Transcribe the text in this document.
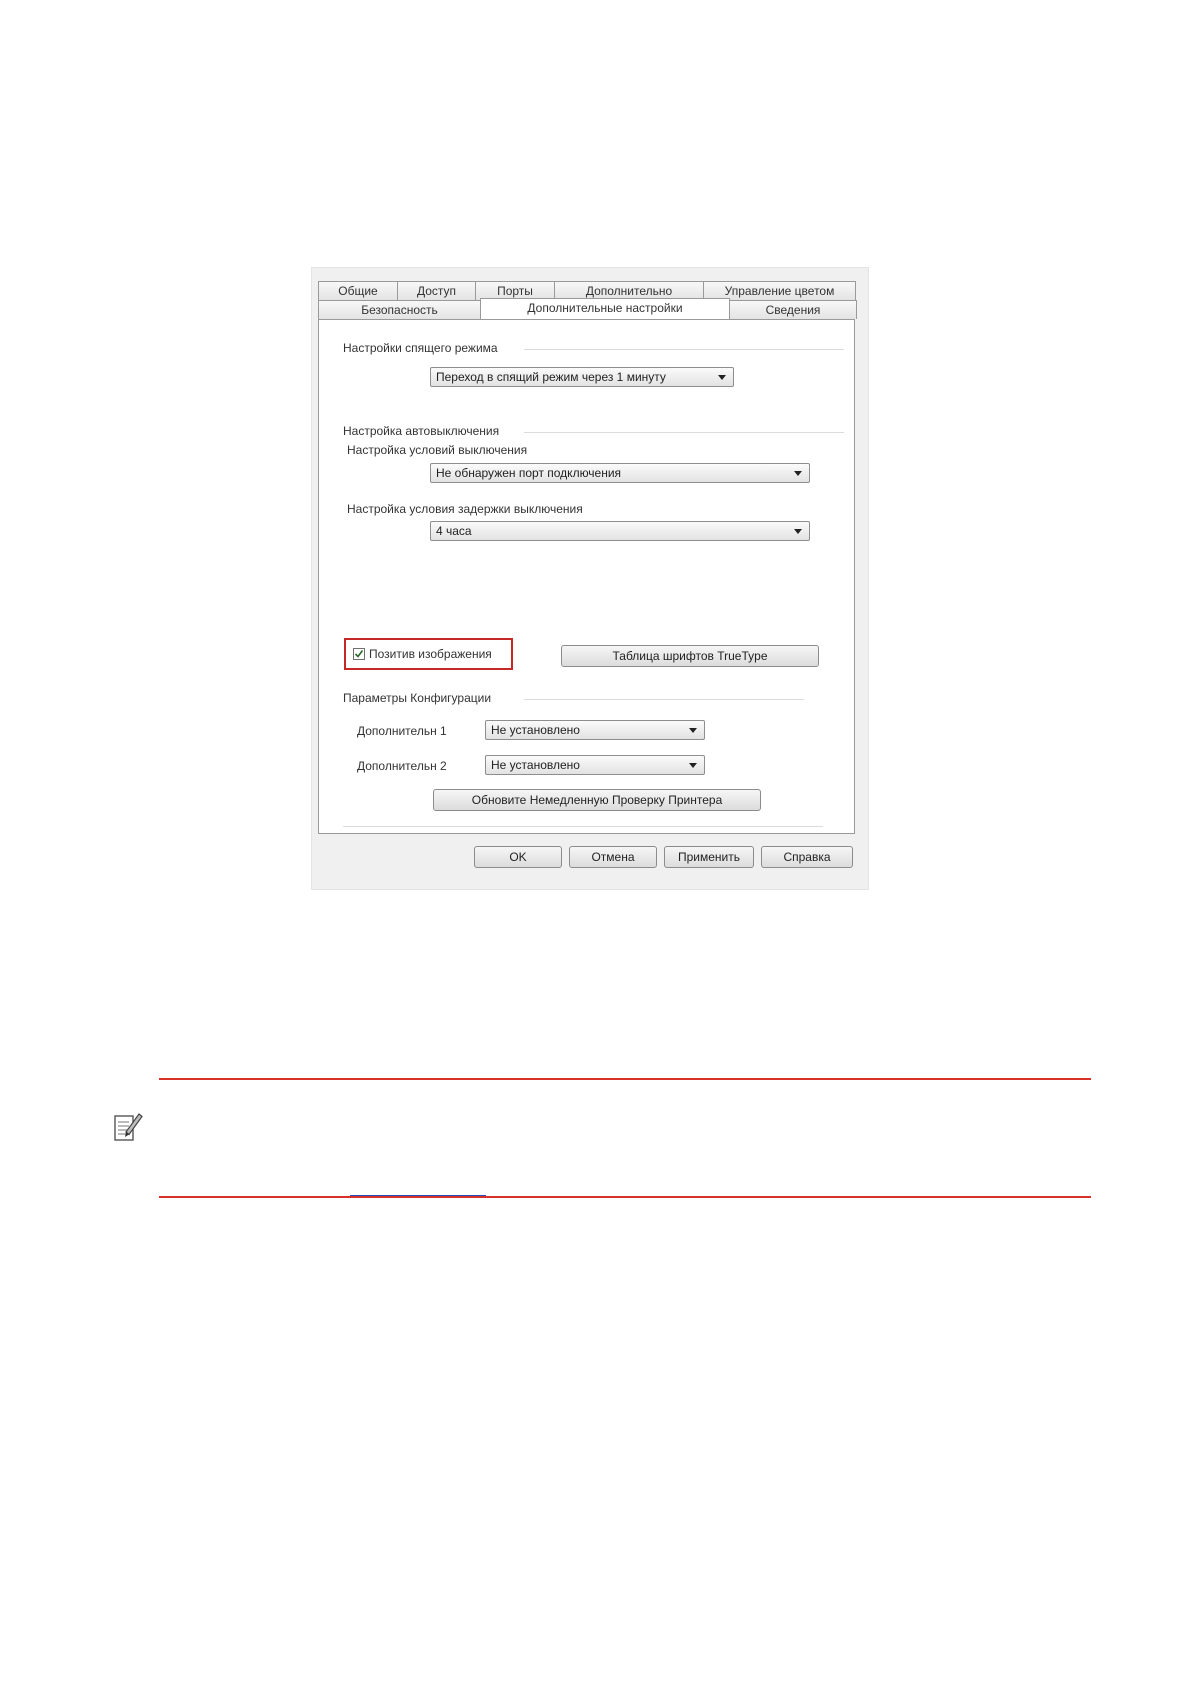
Общие	Доступ	Порты	Дополнительно	Управление цветом
Безопасность	Дополнительные настройки	Сведения
Настройки спящего режима
Переход в спящий режим через 1 минуту
Настройка автовыключения
Настройка условий выключения
Не обнаружен порт подключения
Настройка условия задержки выключения
4 часа
Позитив изображения	Таблица шрифтов TrueType
Параметры Конфигурации
Дополнительн 1	Не установлено
Дополнительн 2	Не установлено
Обновите Немедленную Проверку Принтера
OK	Отмена	Применить	Справка
